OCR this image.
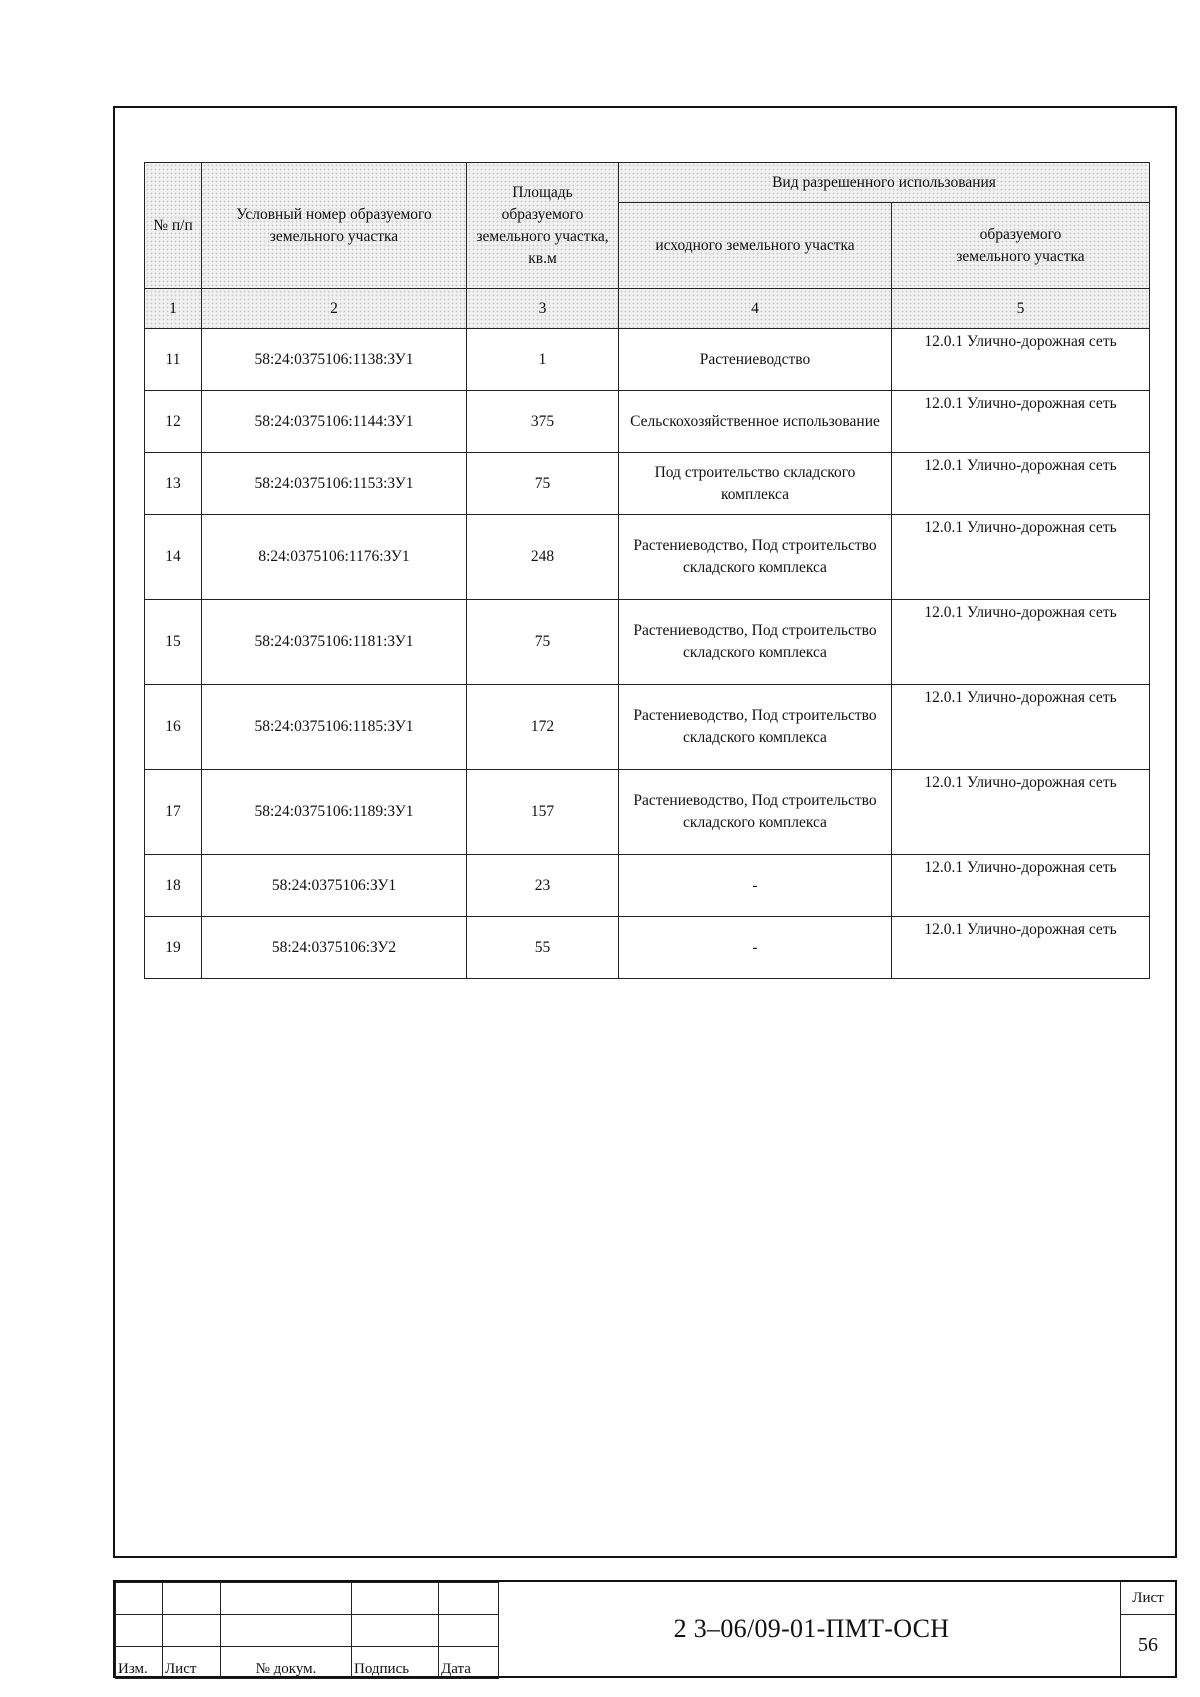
№ п/п	Условный номер образуемого земельного участка	Площадь образуемого земельного участка, кв.м	Вид разрешенного использования	
			исходного земельного участка	образуемого земельного участка
1	2	3	4	5
11	58:24:0375106:1138:ЗУ1	1	Растениеводство	12.0.1 Улично-дорожная сеть
12	58:24:0375106:1144:ЗУ1	375	Сельскохозяйственное использование	12.0.1 Улично-дорожная сеть
13	58:24:0375106:1153:ЗУ1	75	Под строительство складского комплекса	12.0.1 Улично-дорожная сеть
14	8:24:0375106:1176:ЗУ1	248	Растениеводство, Под строительство складского комплекса	12.0.1 Улично-дорожная сеть
15	58:24:0375106:1181:ЗУ1	75	Растениеводство, Под строительство складского комплекса	12.0.1 Улично-дорожная сеть
16	58:24:0375106:1185:ЗУ1	172	Растениеводство, Под строительство складского комплекса	12.0.1 Улично-дорожная сеть
17	58:24:0375106:1189:ЗУ1	157	Растениеводство, Под строительство складского комплекса	12.0.1 Улично-дорожная сеть
18	58:24:0375106:ЗУ1	23	-	12.0.1 Улично-дорожная сеть
19	58:24:0375106:ЗУ2	55	-	12.0.1 Улично-дорожная сеть

Изм.	Лист	№ докум.	Подпись	Дата
2 3–06/09-01-ПМТ-ОСН
Лист
56
